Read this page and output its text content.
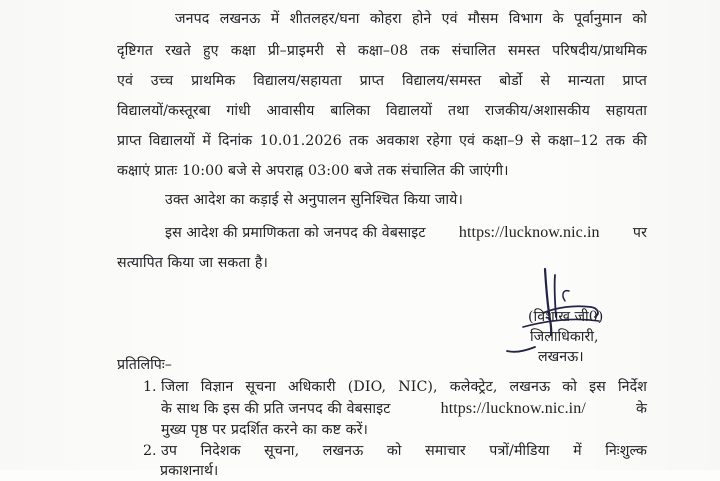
जनपद लखनऊ में शीतलहर/घना कोहरा होने एवं मौसम विभाग के पूर्वानुमान को
दृष्टिगत रखते हुए कक्षा प्री–प्राइमरी से कक्षा–08 तक संचालित समस्त परिषदीय/प्राथमिक
एवं उच्च प्राथमिक विद्यालय/सहायता प्राप्त विद्यालय/समस्त बोर्डो से मान्यता प्राप्त
विद्यालयों/कस्तूरबा गांधी आवासीय बालिका विद्यालयों तथा राजकीय/अशासकीय सहायता
प्राप्त विद्यालयों में दिनांक 10.01.2026 तक अवकाश रहेगा एवं कक्षा–9 से कक्षा–12 तक की
कक्षाएं प्रातः 10:00 बजे से अपराह्न 03:00 बजे तक संचालित की जाएंगी।
उक्त आदेश का कड़ाई से अनुपालन सुनिश्चित किया जाये।
इस आदेश की प्रमाणिकता को जनपद की वेबसाइट https://lucknow.nic.in पर
सत्यापित किया जा सकता है।
(विशाख जी0)
जिलाधिकारी,
लखनऊ।
प्रतिलिपिः–
1. जिला विज्ञान सूचना अधिकारी (DIO, NIC), कलेक्ट्रेट, लखनऊ को इस निर्देश
के साथ कि इस की प्रति जनपद की वेबसाइट	https://lucknow.nic.in/	के
मुख्य पृष्ठ पर प्रदर्शित करने का कष्ट करें।
2. उप निदेशक सूचना, लखनऊ को समाचार पत्रों/मीडिया में निःशुल्क
प्रकाशनार्थ।
